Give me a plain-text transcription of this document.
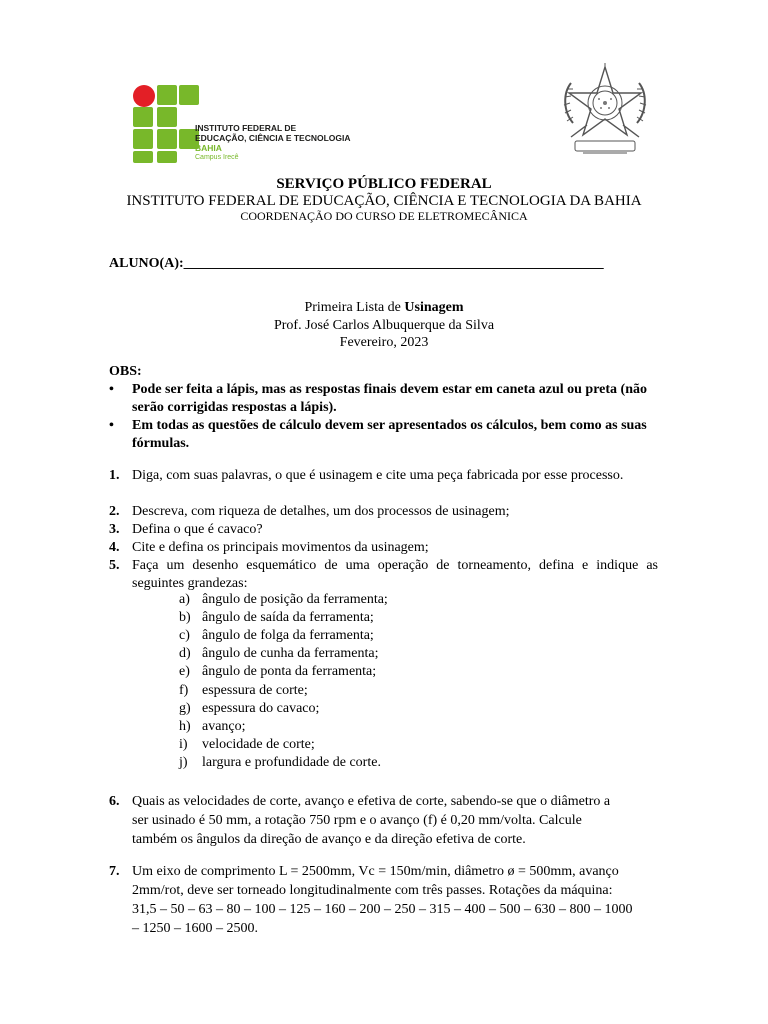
INSTITUTO FEDERAL DE
EDUCAÇÃO, CIÊNCIA E TECNOLOGIA
BAHIA
Campus Irecê
SERVIÇO PÚBLICO FEDERAL
INSTITUTO FEDERAL DE EDUCAÇÃO, CIÊNCIA E TECNOLOGIA DA BAHIA
COORDENAÇÃO DO CURSO DE ELETROMECÂNICA
ALUNO(A):____________________________________________________________
Primeira Lista de Usinagem
Prof. José Carlos Albuquerque da Silva
Fevereiro, 2023
OBS:
• Pode ser feita a lápis, mas as respostas finais devem estar em caneta azul ou preta (não serão corrigidas respostas a lápis).
• Em todas as questões de cálculo devem ser apresentados os cálculos, bem como as suas fórmulas.
1. Diga, com suas palavras, o que é usinagem e cite uma peça fabricada por esse processo.
2. Descreva, com riqueza de detalhes, um dos processos de usinagem;
3. Defina o que é cavaco?
4. Cite e defina os principais movimentos da usinagem;
5. Faça um desenho esquemático de uma operação de torneamento, defina e indique as seguintes grandezas:
a) ângulo de posição da ferramenta;
b) ângulo de saída da ferramenta;
c) ângulo de folga da ferramenta;
d) ângulo de cunha da ferramenta;
e) ângulo de ponta da ferramenta;
f) espessura de corte;
g) espessura do cavaco;
h) avanço;
i) velocidade de corte;
j) largura e profundidade de corte.
6. Quais as velocidades de corte, avanço e efetiva de corte, sabendo-se que o diâmetro a ser usinado é 50 mm, a rotação 750 rpm e o avanço (f) é 0,20 mm/volta. Calcule também os ângulos da direção de avanço e da direção efetiva de corte.
7. Um eixo de comprimento L = 2500mm, Vc = 150m/min, diâmetro ø = 500mm, avanço 2mm/rot, deve ser torneado longitudinalmente com três passes. Rotações da máquina: 31,5 – 50 – 63 – 80 – 100 – 125 – 160 – 200 – 250 – 315 – 400 – 500 – 630 – 800 – 1000 – 1250 – 1600 – 2500.
